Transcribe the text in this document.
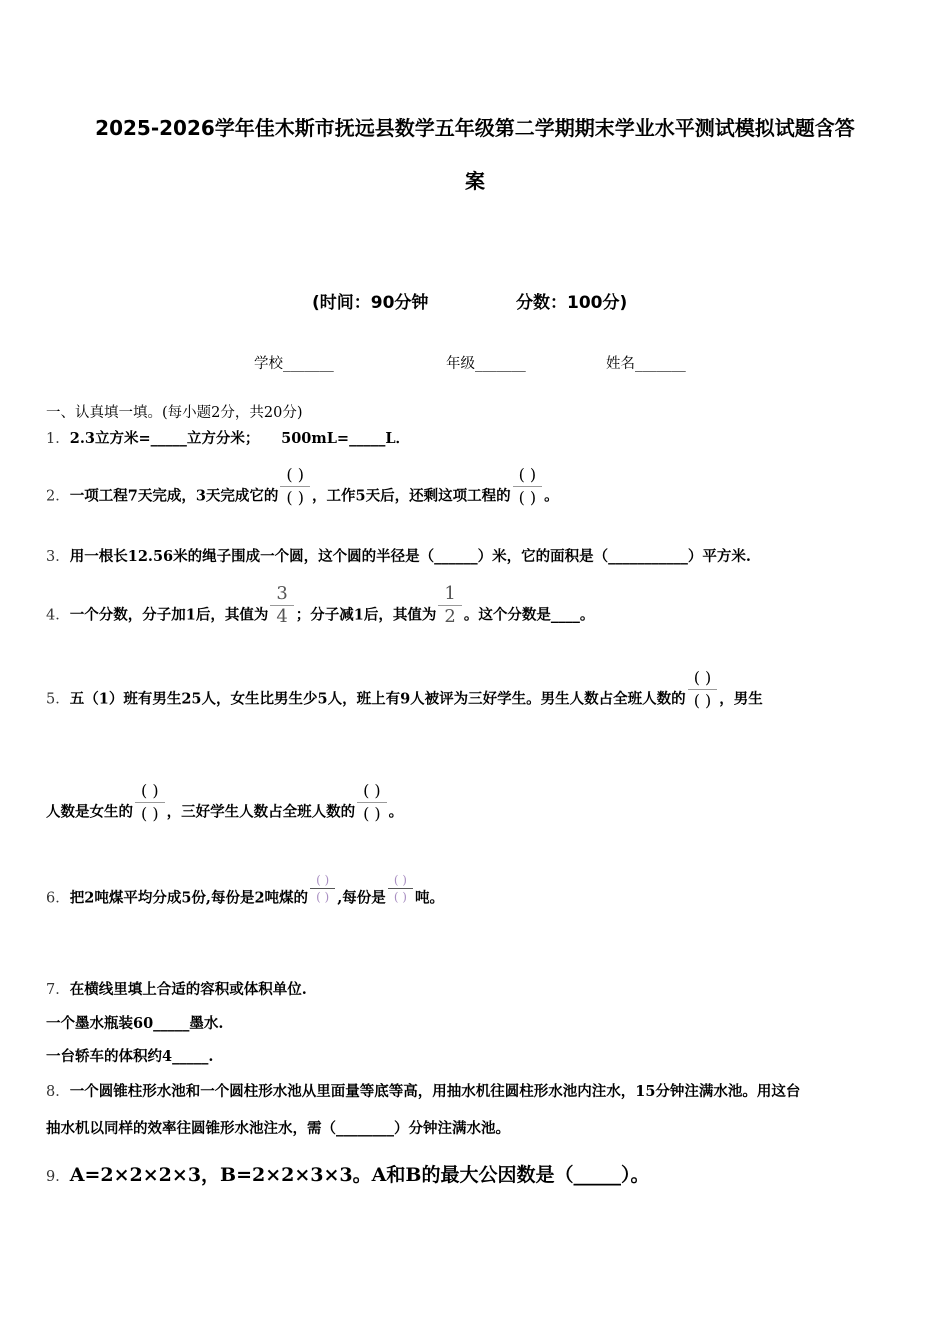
2025-2026学年佳木斯市抚远县数学五年级第二学期期末学业水平测试模拟试题含答
案
(时间：90分钟	分数：100分)
学校_______	年级_______	姓名_______
一、认真填一填。(每小题2分，共20分)
1．2.3立方米=_____立方分米；　　500mL=_____L．
2．一项工程7天完成，3天完成它的 $\frac{( )}{( )}$ ，工作5天后，还剩这项工程的 $\frac{( )}{( )}$ 。
3．用一根长12.56米的绳子围成一个圆，这个圆的半径是（______）米，它的面积是（___________）平方米.
4．一个分数，分子加1后，其值为 $\frac{3}{4}$ ；分子减1后，其值为 $\frac{1}{2}$ 。这个分数是____。
5．五（1）班有男生25人，女生比男生少5人，班上有9人被评为三好学生。男生人数占全班人数的 $\frac{( )}{( )}$ ，男生
人数是女生的 $\frac{( )}{( )}$ ，三好学生人数占全班人数的 $\frac{( )}{( )}$ 。
6．把2吨煤平均分成5份,每份是2吨煤的 $\frac{( )}{( )}$ ,每份是 $\frac{( )}{( )}$ 吨。
7．在横线里填上合适的容积或体积单位.
一个墨水瓶装60_____墨水.
一台轿车的体积约4_____.
8．一个圆锥柱形水池和一个圆柱形水池从里面量等底等高，用抽水机往圆柱形水池内注水，15分钟注满水池。用这台
抽水机以同样的效率往圆锥形水池注水，需（________）分钟注满水池。
9．A=2×2×2×3，B=2×2×3×3。A和B的最大公因数是（_____）。
